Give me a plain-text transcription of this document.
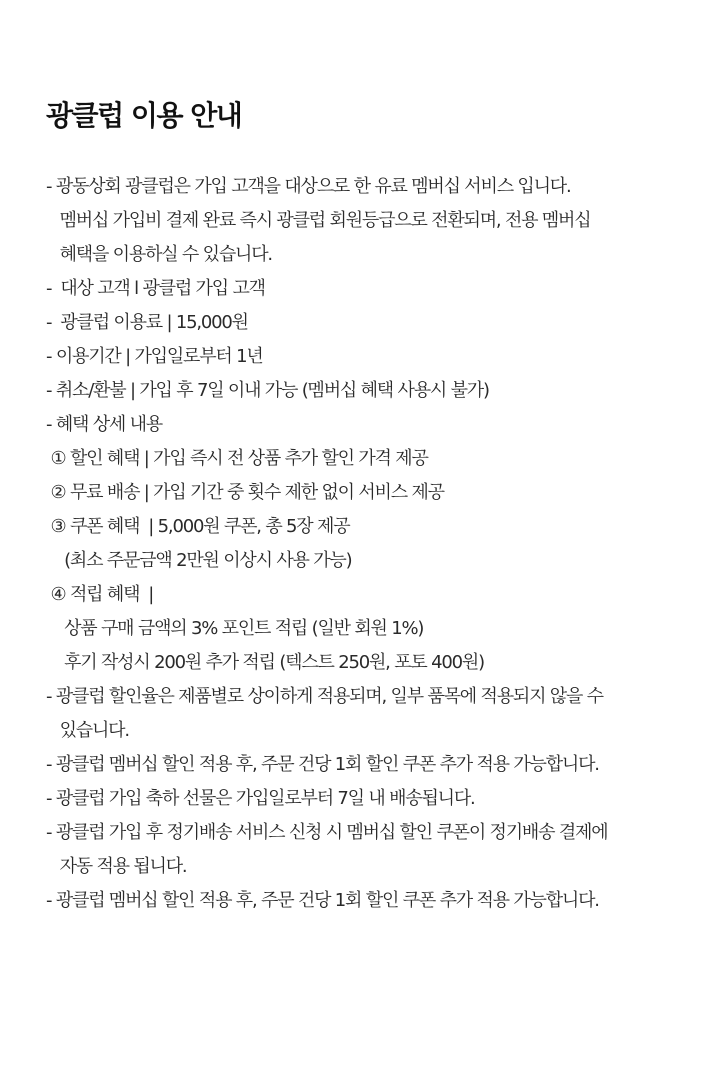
광클럽 이용 안내
- 광동상회 광클럽은 가입 고객을 대상으로 한 유료 멤버십 서비스 입니다.
멤버십 가입비 결제 완료 즉시 광클럽 회원등급으로 전환되며, 전용 멤버십
혜택을 이용하실 수 있습니다.
-  대상 고객 l 광클럽 가입 고객
-  광클럽 이용료 | 15,000원
- 이용기간 | 가입일로부터 1년
- 취소/환불 | 가입 후 7일 이내 가능 (멤버십 혜택 사용시 불가)
- 혜택 상세 내용
① 할인 혜택 | 가입 즉시 전 상품 추가 할인 가격 제공
② 무료 배송 | 가입 기간 중 횟수 제한 없이 서비스 제공
③ 쿠폰 혜택  | 5,000원 쿠폰, 총 5장 제공
(최소 주문금액 2만원 이상시 사용 가능)
④ 적립 혜택  |
상품 구매 금액의 3% 포인트 적립 (일반 회원 1%)
후기 작성시 200원 추가 적립 (텍스트 250원, 포토 400원)
- 광클럽 할인율은 제품별로 상이하게 적용되며, 일부 품목에 적용되지 않을 수
있습니다.
- 광클럽 멤버십 할인 적용 후, 주문 건당 1회 할인 쿠폰 추가 적용 가능합니다.
- 광클럽 가입 축하 선물은 가입일로부터 7일 내 배송됩니다.
- 광클럽 가입 후 정기배송 서비스 신청 시 멤버십 할인 쿠폰이 정기배송 결제에
자동 적용 됩니다.
- 광클럽 멤버십 할인 적용 후, 주문 건당 1회 할인 쿠폰 추가 적용 가능합니다.
